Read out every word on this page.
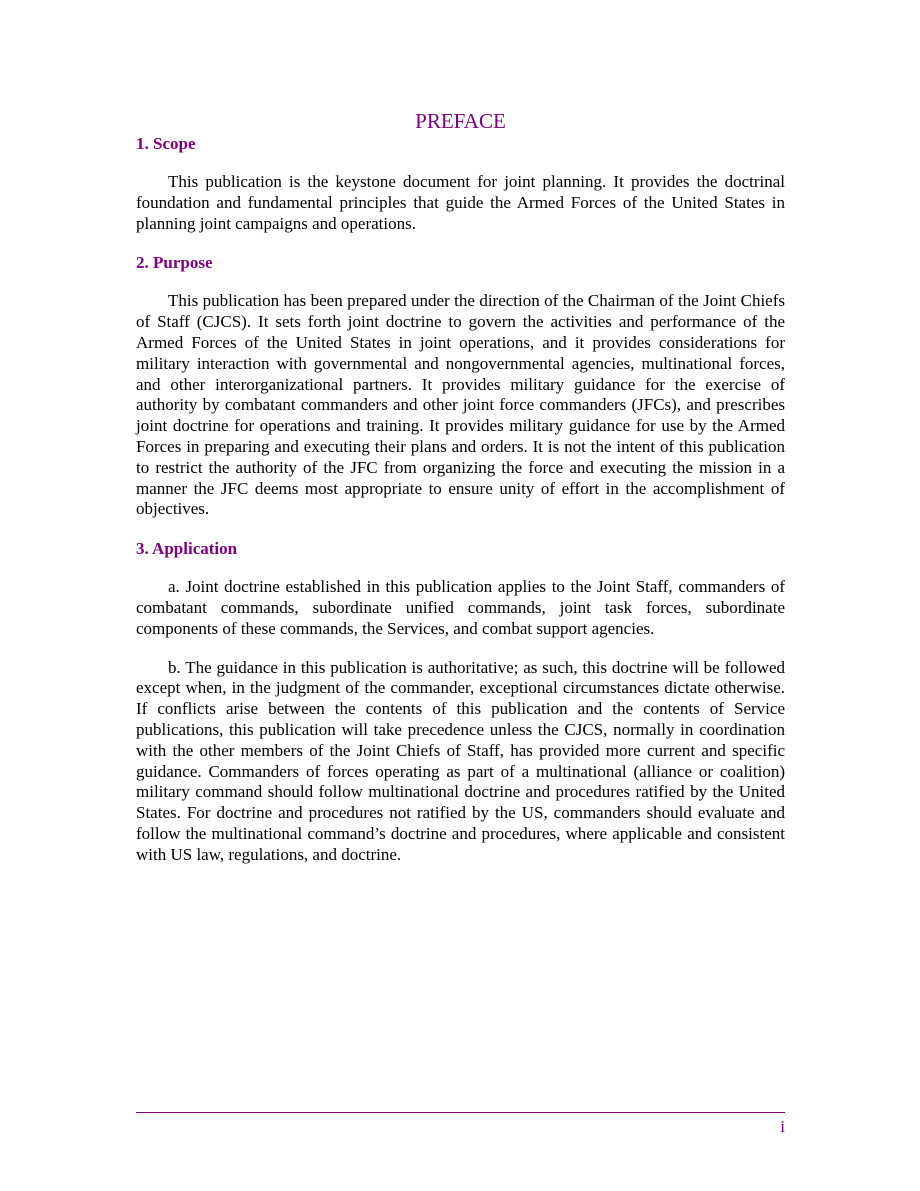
PREFACE
1. Scope

This publication is the keystone document for joint planning. It provides the doctrinal foundation and fundamental principles that guide the Armed Forces of the United States in planning joint campaigns and operations.

2. Purpose

This publication has been prepared under the direction of the Chairman of the Joint Chiefs of Staff (CJCS). It sets forth joint doctrine to govern the activities and performance of the Armed Forces of the United States in joint operations, and it provides considerations for military interaction with governmental and nongovernmental agencies, multinational forces, and other interorganizational partners. It provides military guidance for the exercise of authority by combatant commanders and other joint force commanders (JFCs), and prescribes joint doctrine for operations and training. It provides military guidance for use by the Armed Forces in preparing and executing their plans and orders. It is not the intent of this publication to restrict the authority of the JFC from organizing the force and executing the mission in a manner the JFC deems most appropriate to ensure unity of effort in the accomplishment of objectives.

3. Application

a. Joint doctrine established in this publication applies to the Joint Staff, commanders of combatant commands, subordinate unified commands, joint task forces, subordinate components of these commands, the Services, and combat support agencies.

b. The guidance in this publication is authoritative; as such, this doctrine will be followed except when, in the judgment of the commander, exceptional circumstances dictate otherwise. If conflicts arise between the contents of this publication and the contents of Service publications, this publication will take precedence unless the CJCS, normally in coordination with the other members of the Joint Chiefs of Staff, has provided more current and specific guidance. Commanders of forces operating as part of a multinational (alliance or coalition) military command should follow multinational doctrine and procedures ratified by the United States. For doctrine and procedures not ratified by the US, commanders should evaluate and follow the multinational command’s doctrine and procedures, where applicable and consistent with US law, regulations, and doctrine.

i
